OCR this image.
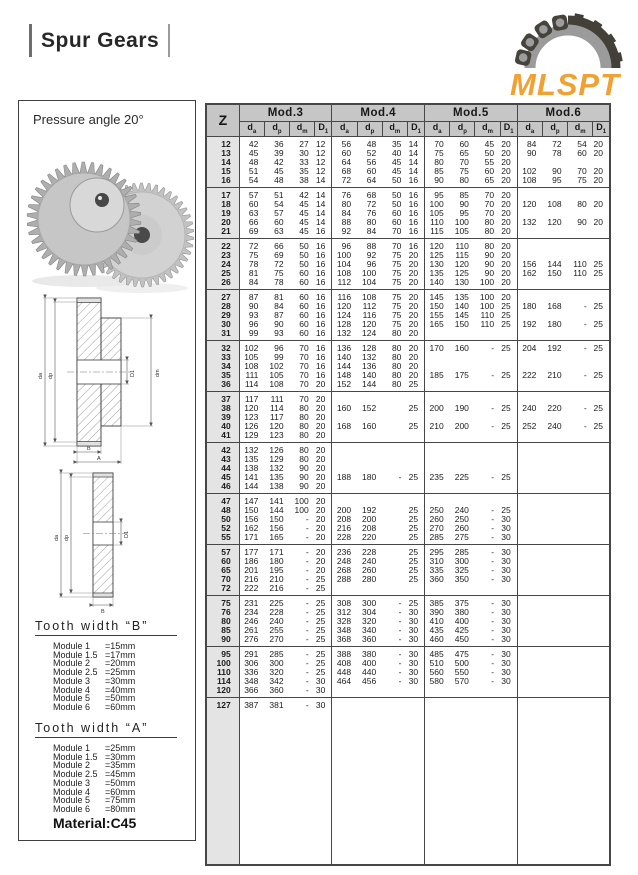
Spur Gears
MLSPT
Pressure angle 20°
da dp	D1	dm
B
A
da dp	D1
B
Tooth width “B”
Module 1	=15mm
Module 1.5 =17mm
Module 2	=20mm
Module 2.5 =25mm
Module 3	=30mm
Module 4	=40mm
Module 5	=50mm
Module 6	=60mm
Tooth width “A”
Module 1	=25mm
Module 1.5 =30mm
Module 2	=35mm
Module 2.5 =45mm
Module 3	=50mm
Module 4	=60mm
Module 5	=75mm
Module 6	=80mm
Material:C45
Z	Mod.3				Mod.4				Mod.5				Mod.6			
	$d_a$	$d_p$	$d_m$	$D_1$	$d_a$	$d_p$	$d_m$	$D_1$	$d_a$	$d_p$	$d_m$	$D_1$	$d_a$	$d_p$	$d_m$	$D_1$
12	42	36	27	12	56	48	35	14	70	60	45	20	84	72	54	20
13	45	39	30	12	60	52	40	14	75	65	50	20	90	78	60	20
14	48	42	33	12	64	56	45	14	80	70	55	20				
15	51	45	35	12	68	60	45	14	85	75	60	20	102	90	70	20
16	54	48	38	14	72	64	50	16	90	80	65	20	108	95	75	20
17	57	51	42	14	76	68	50	16	95	85	70	20				
18	60	54	45	14	80	72	50	16	100	90	70	20	120	108	80	20
19	63	57	45	14	84	76	60	16	105	95	70	20				
20	66	60	45	14	88	80	60	16	110	100	80	20	132	120	90	20
21	69	63	45	16	92	84	70	16	115	105	80	20				
22	72	66	50	16	96	88	70	16	120	110	80	20				
23	75	69	50	16	100	92	75	20	125	115	90	20				
24	78	72	50	16	104	96	75	20	130	120	90	20	156	144	110	25
25	81	75	60	16	108	100	75	20	135	125	90	20	162	150	110	25
26	84	78	60	16	112	104	75	20	140	130	100	20				
27	87	81	60	16	116	108	75	20	145	135	100	20				
28	90	84	60	16	120	112	75	20	150	140	100	25	180	168	-	25
29	93	87	60	16	124	116	75	20	155	145	110	25				
30	96	90	60	16	128	120	75	20	165	150	110	25	192	180	-	25
31	99	93	60	16	132	124	80	20								
32	102	96	70	16	136	128	80	20	170	160	-	25	204	192	-	25
33	105	99	70	16	140	132	80	20								
34	108	102	70	16	144	136	80	20								
35	111	105	70	16	148	140	80	20	185	175	-	25	222	210	-	25
36	114	108	70	20	152	144	80	25								
37	117	111	70	20												
38	120	114	80	20	160	152		25	200	190	-	25	240	220	-	25
39	123	117	80	20												
40	126	120	80	20	168	160		25	210	200	-	25	252	240	-	25
41	129	123	80	20												
42	132	126	80	20												
43	135	129	80	20												
44	138	132	90	20												
45	141	135	90	20	188	180	-	25	235	225	-	25				
46	144	138	90	20												
47	147	141	100	20												
48	150	144	100	20	200	192		25	250	240	-	25				
50	156	150	-	20	208	200		25	260	250	-	30				
52	162	156	-	20	216	208		25	270	260	-	30				
55	171	165	-	20	228	220		25	285	275	-	30				
57	177	171	-	20	236	228		25	295	285	-	30				
60	186	180	-	20	248	240		25	310	300	-	30				
65	201	195	-	20	268	260		25	335	325	-	30				
70	216	210	-	25	288	280		25	360	350	-	30				
72	222	216	-	25												
75	231	225	-	25	308	300	-	25	385	375	-	30				
76	234	228	-	25	312	304	-	30	390	380	-	30				
80	246	240	-	25	328	320	-	30	410	400	-	30				
85	261	255	-	25	348	340	-	30	435	425	-	30				
90	276	270	-	25	368	360	-	30	460	450	-	30				
95	291	285	-	25	388	380	-	30	485	475	-	30				
100	306	300	-	25	408	400	-	30	510	500	-	30				
110	336	320	-	25	448	440	-	30	560	550	-	30				
114	348	342	-	30	464	456	-	30	580	570	-	30				
120	366	360	-	30												
127	387	381	-	30												
